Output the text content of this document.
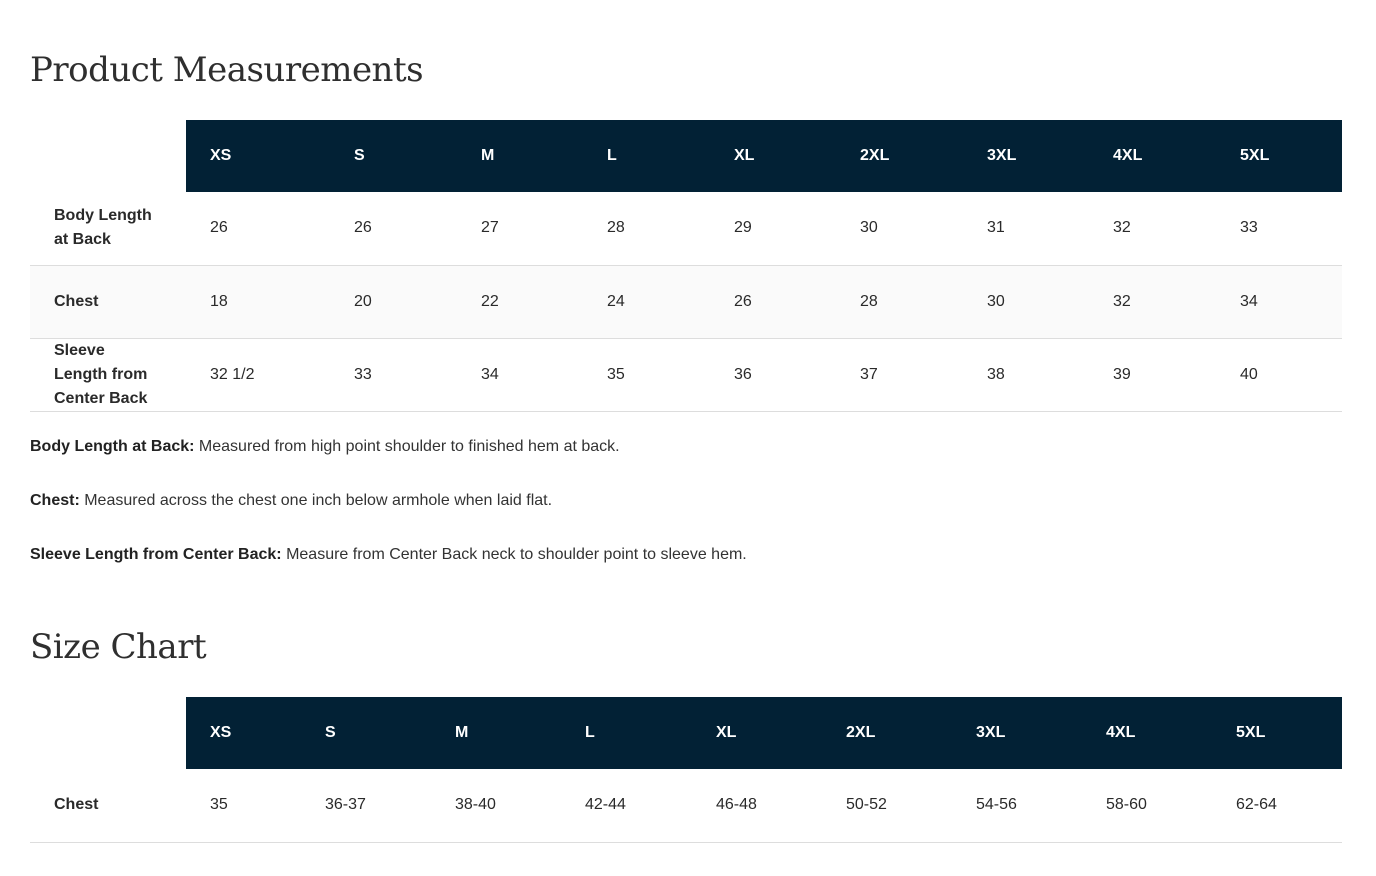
Product Measurements
	XS	S	M	L	XL	2XL	3XL	4XL	5XL
Body Length at Back	26	26	27	28	29	30	31	32	33
Chest	18	20	22	24	26	28	30	32	34
Sleeve Length from Center Back	32 1/2	33	34	35	36	37	38	39	40

Body Length at Back: Measured from high point shoulder to finished hem at back.

Chest: Measured across the chest one inch below armhole when laid flat.

Sleeve Length from Center Back: Measure from Center Back neck to shoulder point to sleeve hem.

Size Chart
	XS	S	M	L	XL	2XL	3XL	4XL	5XL
Chest	35	36-37	38-40	42-44	46-48	50-52	54-56	58-60	62-64
